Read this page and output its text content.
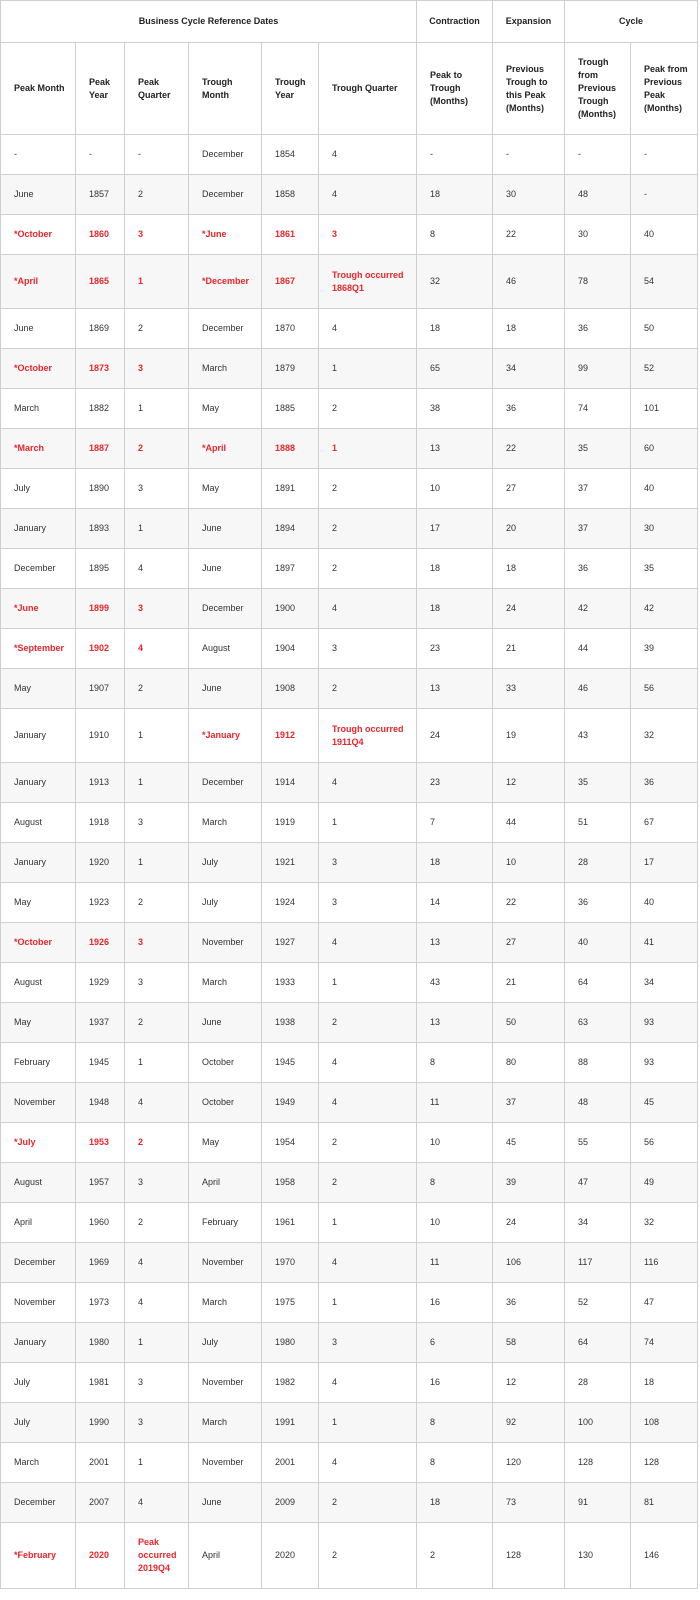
Business Cycle Reference Dates						Contraction	Expansion	Cycle	
Peak Month	Peak Year	Peak Quarter	Trough Month	Trough Year	Trough Quarter	Peak to Trough (Months)	Previous Trough to this Peak (Months)	Trough from Previous Trough (Months)	Peak from Previous Peak (Months)
-	-	-	December	1854	4	-	-	-	-
June	1857	2	December	1858	4	18	30	48	-
*October	1860	3	*June	1861	3	8	22	30	40
*April	1865	1	*December	1867	Trough occurred 1868Q1	32	46	78	54
June	1869	2	December	1870	4	18	18	36	50
*October	1873	3	March	1879	1	65	34	99	52
March	1882	1	May	1885	2	38	36	74	101
*March	1887	2	*April	1888	1	13	22	35	60
July	1890	3	May	1891	2	10	27	37	40
January	1893	1	June	1894	2	17	20	37	30
December	1895	4	June	1897	2	18	18	36	35
*June	1899	3	December	1900	4	18	24	42	42
*September	1902	4	August	1904	3	23	21	44	39
May	1907	2	June	1908	2	13	33	46	56
January	1910	1	*January	1912	Trough occurred 1911Q4	24	19	43	32
January	1913	1	December	1914	4	23	12	35	36
August	1918	3	March	1919	1	7	44	51	67
January	1920	1	July	1921	3	18	10	28	17
May	1923	2	July	1924	3	14	22	36	40
*October	1926	3	November	1927	4	13	27	40	41
August	1929	3	March	1933	1	43	21	64	34
May	1937	2	June	1938	2	13	50	63	93
February	1945	1	October	1945	4	8	80	88	93
November	1948	4	October	1949	4	11	37	48	45
*July	1953	2	May	1954	2	10	45	55	56
August	1957	3	April	1958	2	8	39	47	49
April	1960	2	February	1961	1	10	24	34	32
December	1969	4	November	1970	4	11	106	117	116
November	1973	4	March	1975	1	16	36	52	47
January	1980	1	July	1980	3	6	58	64	74
July	1981	3	November	1982	4	16	12	28	18
July	1990	3	March	1991	1	8	92	100	108
March	2001	1	November	2001	4	8	120	128	128
December	2007	4	June	2009	2	18	73	91	81
*February	2020	Peak occurred 2019Q4	April	2020	2	2	128	130	146
